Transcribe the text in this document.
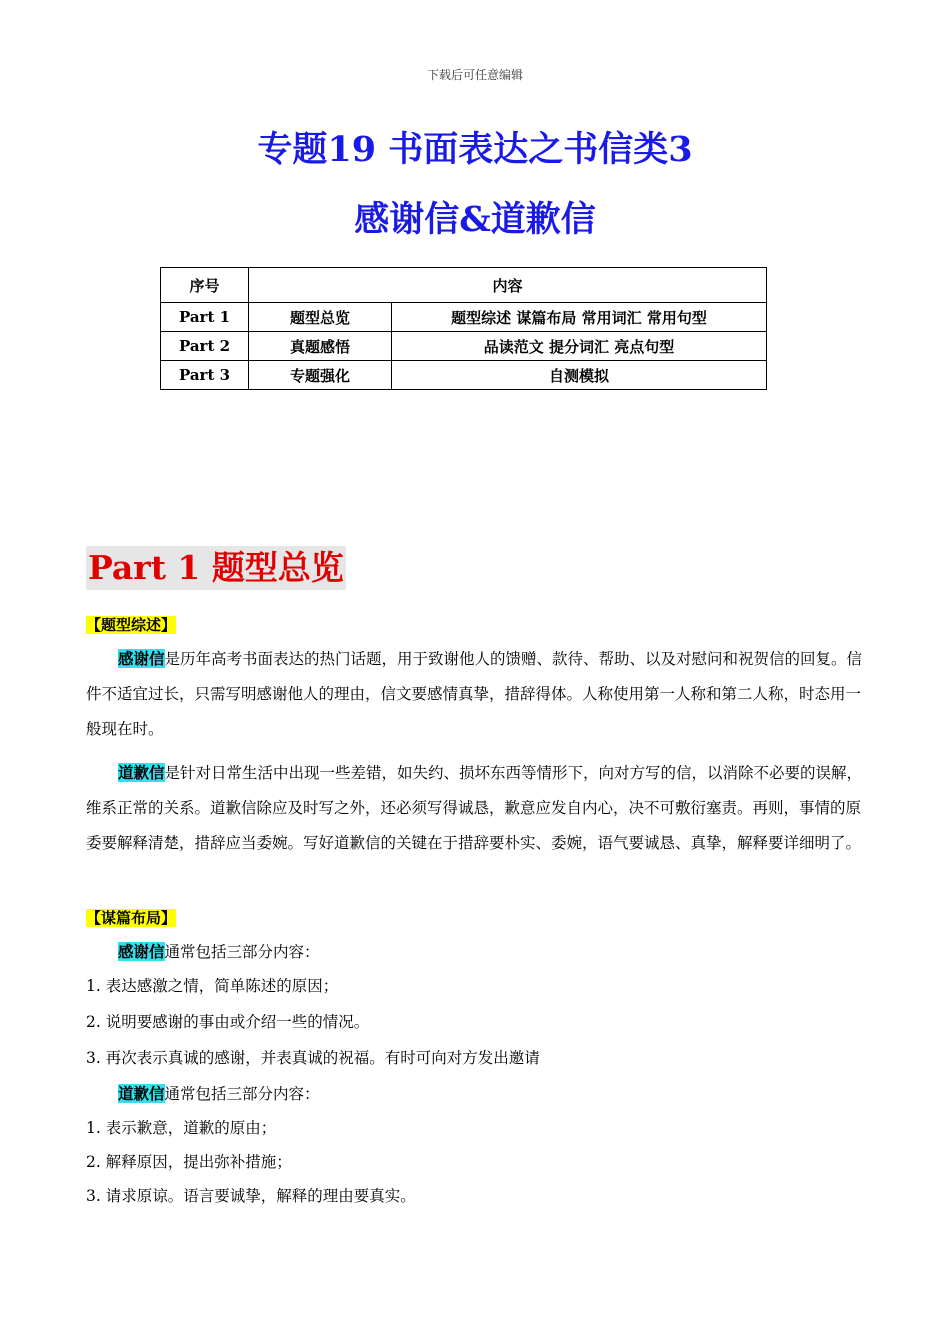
下载后可任意编辑
专题19 书面表达之书信类3
感谢信&道歉信
序号	内容	
Part 1	题型总览	题型综述 谋篇布局 常用词汇 常用句型
Part 2	真题感悟	品读范文 提分词汇 亮点句型
Part 3	专题强化	自测模拟
Part 1 题型总览
【题型综述】
感谢信是历年高考书面表达的热门话题，用于致谢他人的馈赠、款待、帮助、以及对慰问和祝贺信的回复。信件不适宜过长，只需写明感谢他人的理由，信文要感情真挚，措辞得体。人称使用第一人称和第二人称，时态用一般现在时。
道歉信是针对日常生活中出现一些差错，如失约、损坏东西等情形下，向对方写的信，以消除不必要的误解，维系正常的关系。道歉信除应及时写之外，还必须写得诚恳，歉意应发自内心，决不可敷衍塞责。再则，事情的原委要解释清楚，措辞应当委婉。写好道歉信的关键在于措辞要朴实、委婉，语气要诚恳、真挚，解释要详细明了。
【谋篇布局】
感谢信通常包括三部分内容：
1. 表达感激之情，简单陈述的原因；
2. 说明要感谢的事由或介绍一些的情况。
3. 再次表示真诚的感谢，并表真诚的祝福。有时可向对方发出邀请
道歉信通常包括三部分内容：
1. 表示歉意，道歉的原由；
2. 解释原因，提出弥补措施；
3. 请求原谅。语言要诚挚，解释的理由要真实。
